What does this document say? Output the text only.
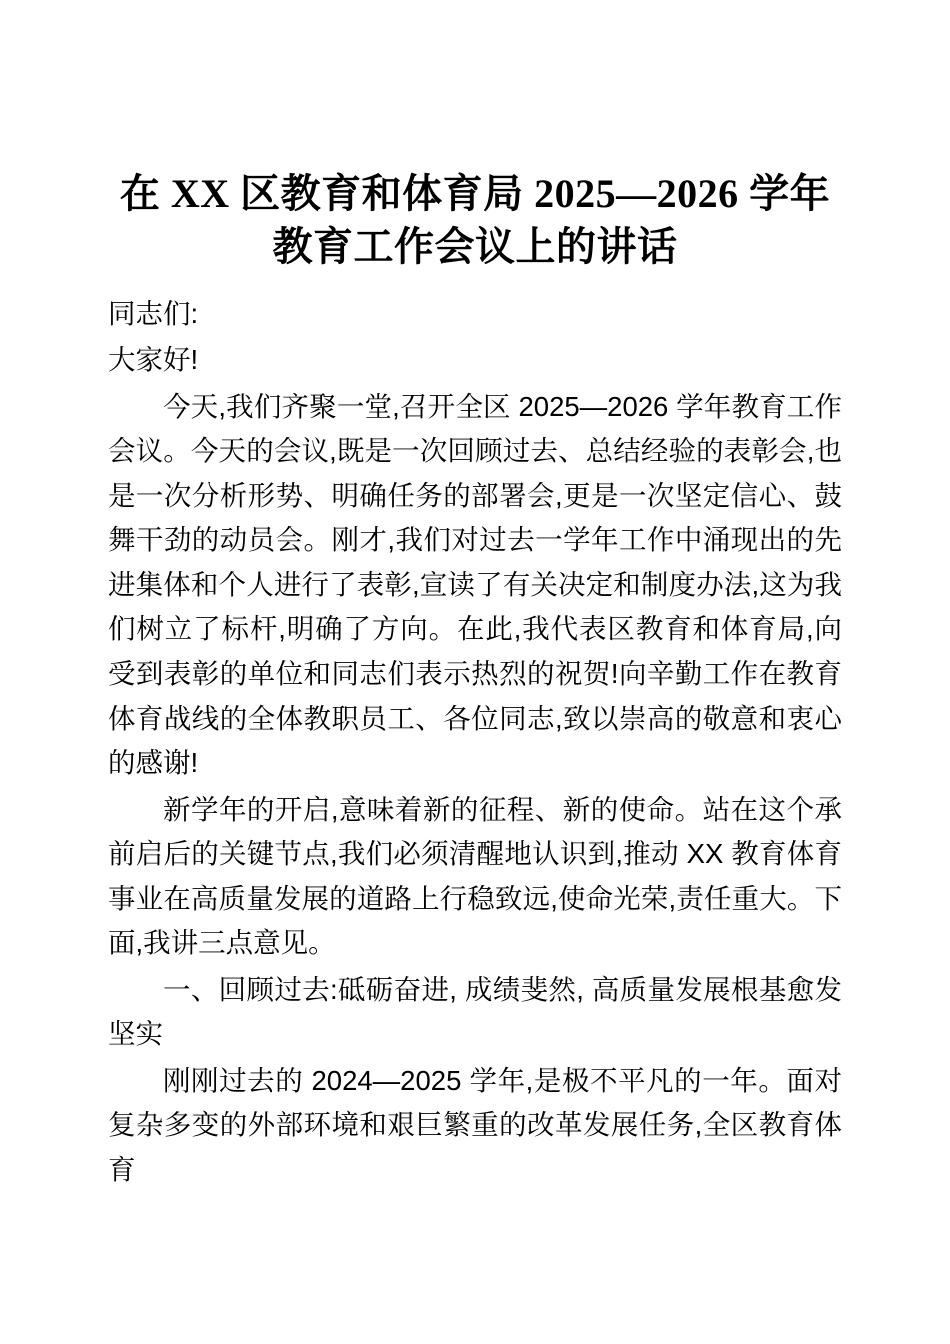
在 XX 区教育和体育局 2025—2026 学年教育工作会议上的讲话

同志们:

大家好!

今天,我们齐聚一堂,召开全区 2025—2026 学年教育工作会议。今天的会议,既是一次回顾过去、总结经验的表彰会,也是一次分析形势、明确任务的部署会,更是一次坚定信心、鼓舞干劲的动员会。刚才,我们对过去一学年工作中涌现出的先进集体和个人进行了表彰,宣读了有关决定和制度办法,这为我们树立了标杆,明确了方向。在此,我代表区教育和体育局,向受到表彰的单位和同志们表示热烈的祝贺!向辛勤工作在教育体育战线的全体教职员工、各位同志,致以崇高的敬意和衷心的感谢!

新学年的开启,意味着新的征程、新的使命。站在这个承前启后的关键节点,我们必须清醒地认识到,推动 XX 教育体育事业在高质量发展的道路上行稳致远,使命光荣,责任重大。下面,我讲三点意见。

一、回顾过去:砥砺奋进, 成绩斐然, 高质量发展根基愈发坚实

刚刚过去的 2024—2025 学年,是极不平凡的一年。面对复杂多变的外部环境和艰巨繁重的改革发展任务,全区教育体育
